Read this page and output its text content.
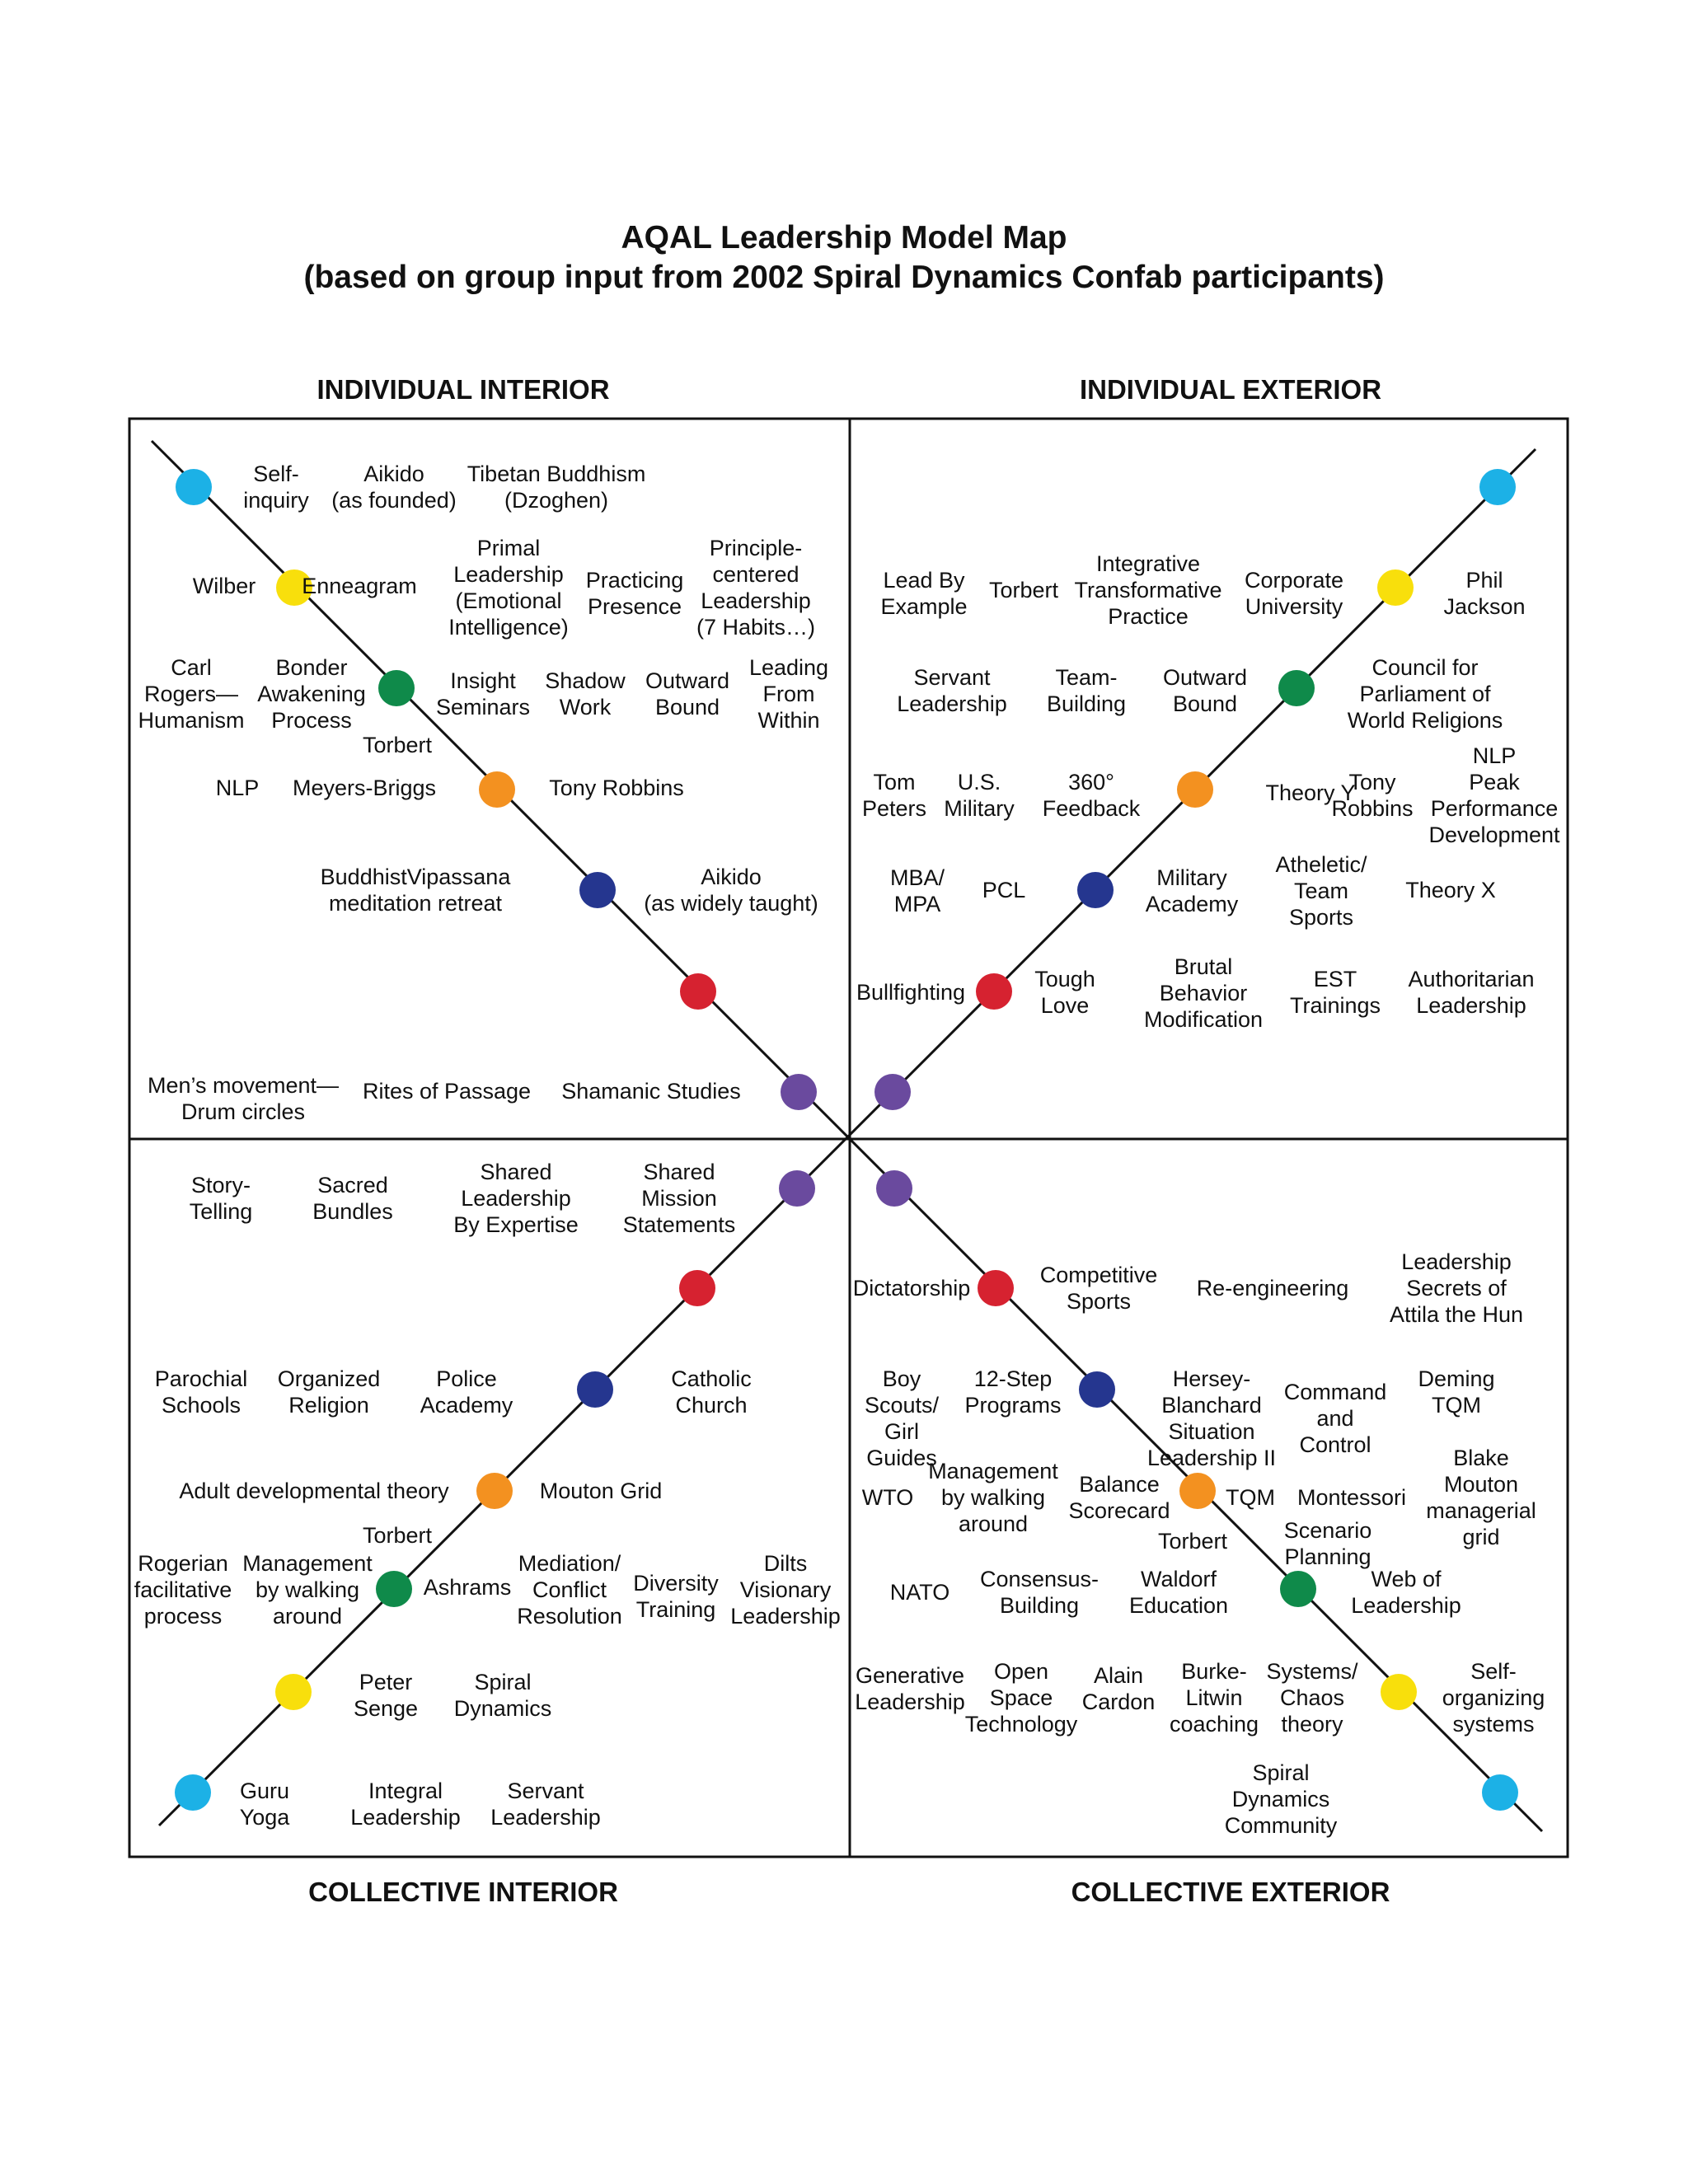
AQAL Leadership Model Map
(based on group input from 2002 Spiral Dynamics Confab participants)
INDIVIDUAL INTERIOR	INDIVIDUAL EXTERIOR
COLLECTIVE INTERIOR	COLLECTIVE EXTERIOR
Self-
inquiry
Aikido
(as founded)
Tibetan Buddhism
(Dzoghen)
Wilber Enneagram
Primal
Leadership
(Emotional
Intelligence)
Practicing
Presence
Principle-
centered
Leadership
(7 Habits…)
Carl
Rogers—
Humanism
Bonder
Awakening
Process
Insight
Seminars
Shadow
Work
Outward
Bound
Leading
From
Within
Torbert
NLP Meyers-Briggs	Tony Robbins
BuddhistVipassana
meditation retreat
Aikido
(as widely taught)
Men’s movement—
Drum circles
Rites of Passage Shamanic Studies
Lead By
Example
Torbert
Integrative
Transformative
Practice
Corporate
University
Phil
Jackson
Servant
Leadership
Team-
Building
Outward
Bound
Council for
Parliament of
World Religions
Tom
Peters
U.S.
Military
360°
Feedback
Theory Y
Tony
Robbins
NLP
Peak
Performance
Development
MBA/
MPA
PCL	Military
Academy
Atheletic/
Team
Sports
Theory X
Bullfighting
Tough
Love
Brutal
Behavior
Modification
EST
Trainings
Authoritarian
Leadership
Story-
Telling
Sacred
Bundles
Shared
Leadership
By Expertise
Shared
Mission
Statements
Parochial
Schools
Organized
Religion
Police
Academy
Catholic
Church
Adult developmental theory	Mouton Grid
Torbert
Rogerian
facilitative
process
Management
by walking
around
Ashrams
Mediation/
Conflict
Resolution
Diversity
Training
Dilts
Visionary
Leadership
Peter
Senge
Spiral
Dynamics
Guru
Yoga
Integral
Leadership
Servant
Leadership
Dictatorship
Competitive
Sports
Re-engineering
Leadership
Secrets of
Attila the Hun
Boy
Scouts/
Girl
Guides
12-Step
Programs
Hersey-
Blanchard
Situation
Leadership II
Command
and
Control
Deming
TQM
WTO
Management
by walking
around
Balance
Scorecard
TQM Montessori
Blake
Mouton
managerial
grid
Torbert	Scenario
Planning
NATO
Consensus-
Building
Waldorf
Education
Web of
Leadership
Generative
Leadership
Open
Space
Technology
Alain
Cardon
Burke-
Litwin
coaching
Systems/
Chaos
theory
Self-
organizing
systems
Spiral
Dynamics
Community
